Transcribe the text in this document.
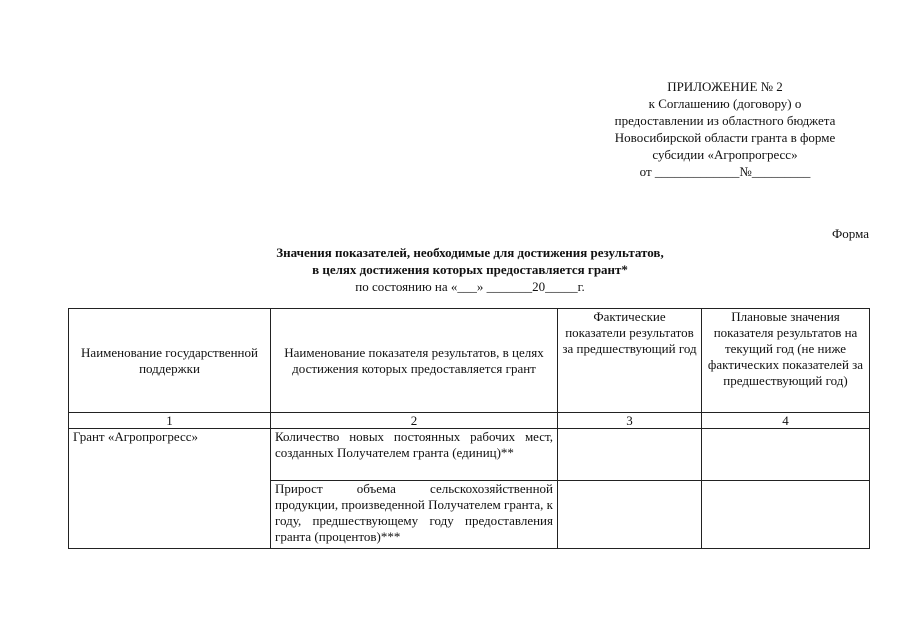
ПРИЛОЖЕНИЕ № 2
к Соглашению (договору) о
предоставлении из областного бюджета
Новосибирской области гранта в форме
субсидии «Агропрогресс»
от _____________№_________
Форма
Значения показателей, необходимые для достижения результатов,
в целях достижения которых предоставляется грант*
по состоянию на «___» _______20_____г.
Наименование государственной поддержки	Наименование показателя результатов, в целях достижения которых предоставляется грант	Фактические показатели результатов за предшествующий год	Плановые значения показателя результатов на текущий год (не ниже фактических показателей за предшествующий год)
1	2	3	4
Грант «Агропрогресс»	Количество новых постоянных рабочих мест, созданных Получателем гранта (единиц)**		
	Прирост объема сельскохозяйственной продукции, произведенной Получателем гранта, к году, предшествующему году предоставления гранта (процентов)***		
